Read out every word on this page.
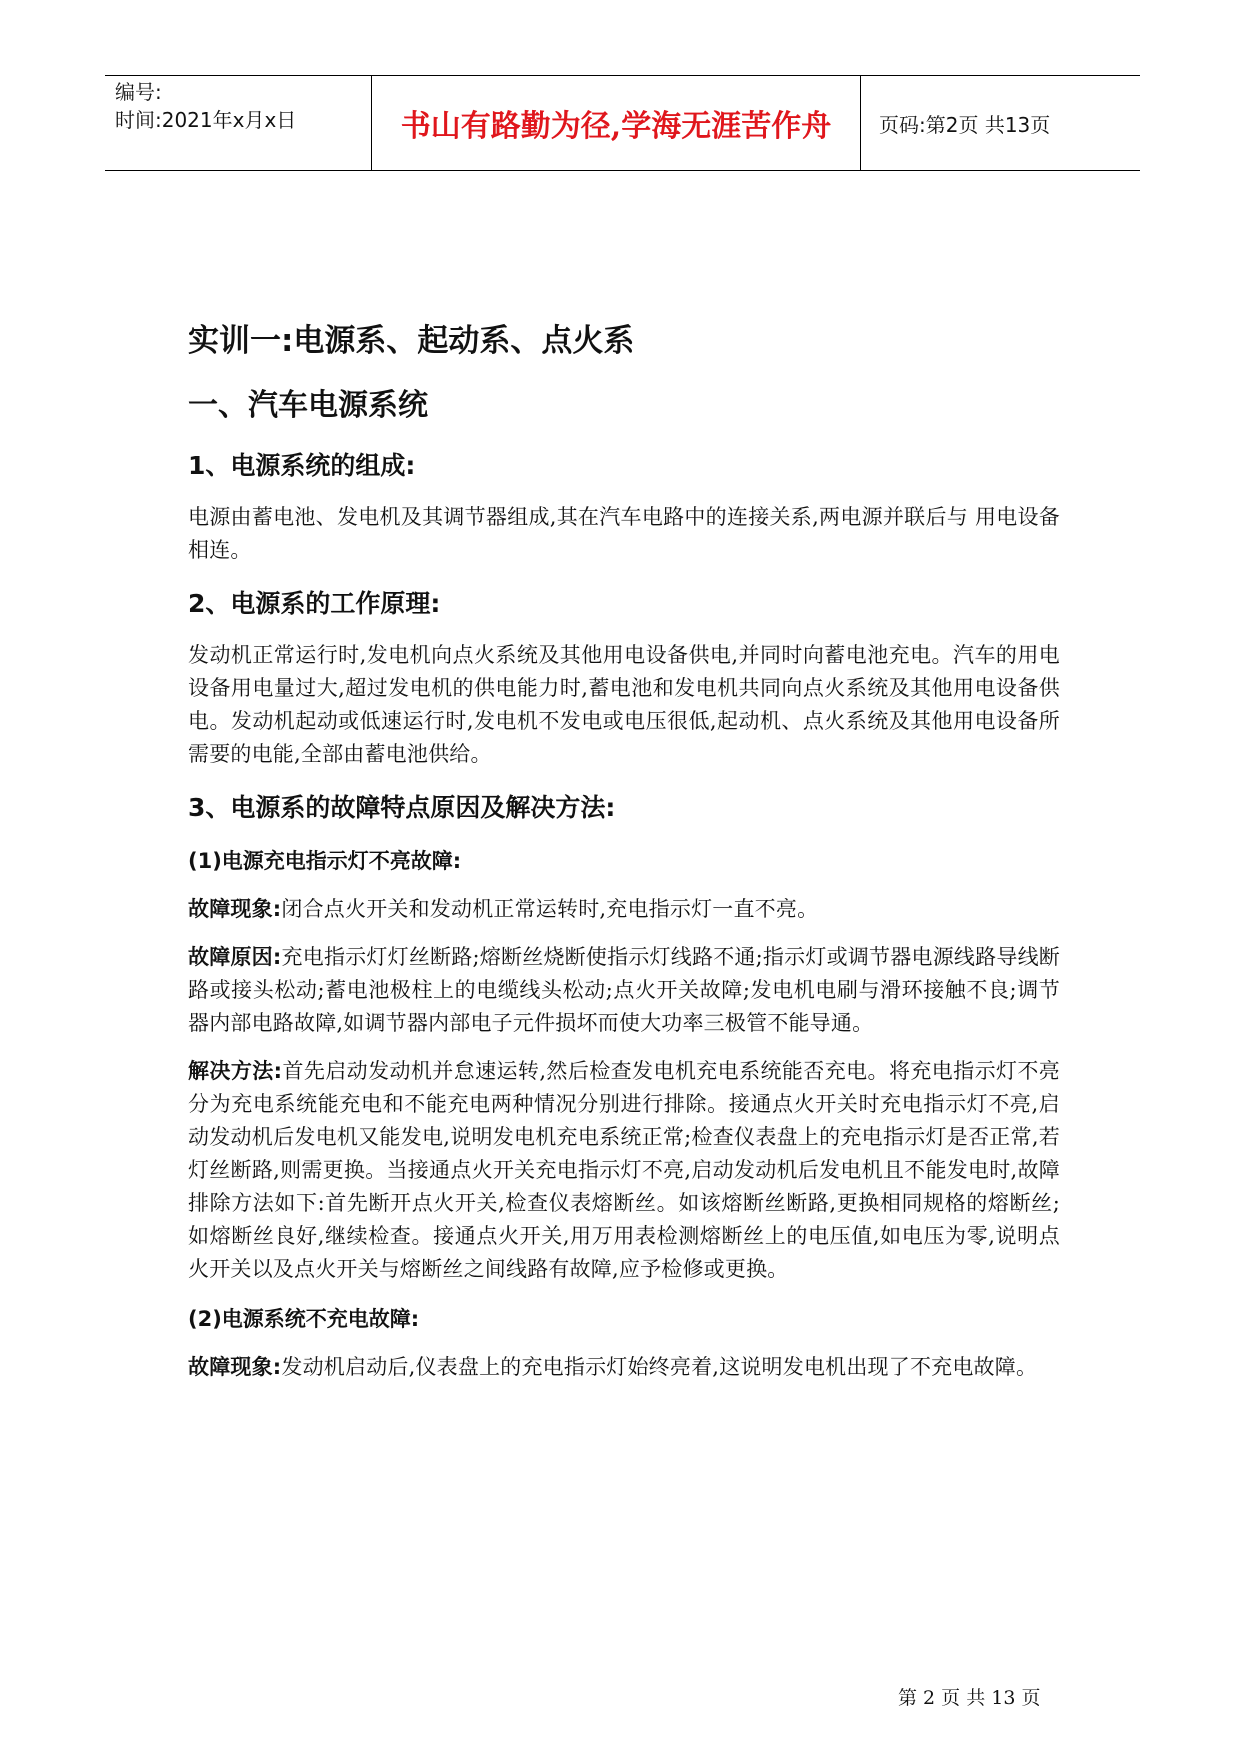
编号:
时间:2021年x月x日	书山有路勤为径,学海无涯苦作舟	页码:第2页 共13页
实训一:电源系、起动系、点火系
一、汽车电源系统
1、电源系统的组成:

电源由蓄电池、发电机及其调节器组成,其在汽车电路中的连接关系,两电源并联后与 用电设备相连。

2、电源系的工作原理:

发动机正常运行时,发电机向点火系统及其他用电设备供电,并同时向蓄电池充电。汽车的用电设备用电量过大,超过发电机的供电能力时,蓄电池和发电机共同向点火系统及其他用电设备供电。发动机起动或低速运行时,发电机不发电或电压很低,起动机、点火系统及其他用电设备所需要的电能,全部由蓄电池供给。

3、电源系的故障特点原因及解决方法:
(1)电源充电指示灯不亮故障:

故障现象:闭合点火开关和发动机正常运转时,充电指示灯一直不亮。

故障原因:充电指示灯灯丝断路;熔断丝烧断使指示灯线路不通;指示灯或调节器电源线路导线断路或接头松动;蓄电池极柱上的电缆线头松动;点火开关故障;发电机电刷与滑环接触不良;调节器内部电路故障,如调节器内部电子元件损坏而使大功率三极管不能导通。

解决方法:首先启动发动机并怠速运转,然后检查发电机充电系统能否充电。将充电指示灯不亮分为充电系统能充电和不能充电两种情况分别进行排除。接通点火开关时充电指示灯不亮,启动发动机后发电机又能发电,说明发电机充电系统正常;检查仪表盘上的充电指示灯是否正常,若灯丝断路,则需更换。当接通点火开关充电指示灯不亮,启动发动机后发电机且不能发电时,故障排除方法如下:首先断开点火开关,检查仪表熔断丝。如该熔断丝断路,更换相同规格的熔断丝;如熔断丝良好,继续检查。接通点火开关,用万用表检测熔断丝上的电压值,如电压为零,说明点火开关以及点火开关与熔断丝之间线路有故障,应予检修或更换。

(2)电源系统不充电故障:

故障现象:发动机启动后,仪表盘上的充电指示灯始终亮着,这说明发电机出现了不充电故障。

第 2 页 共 13 页
